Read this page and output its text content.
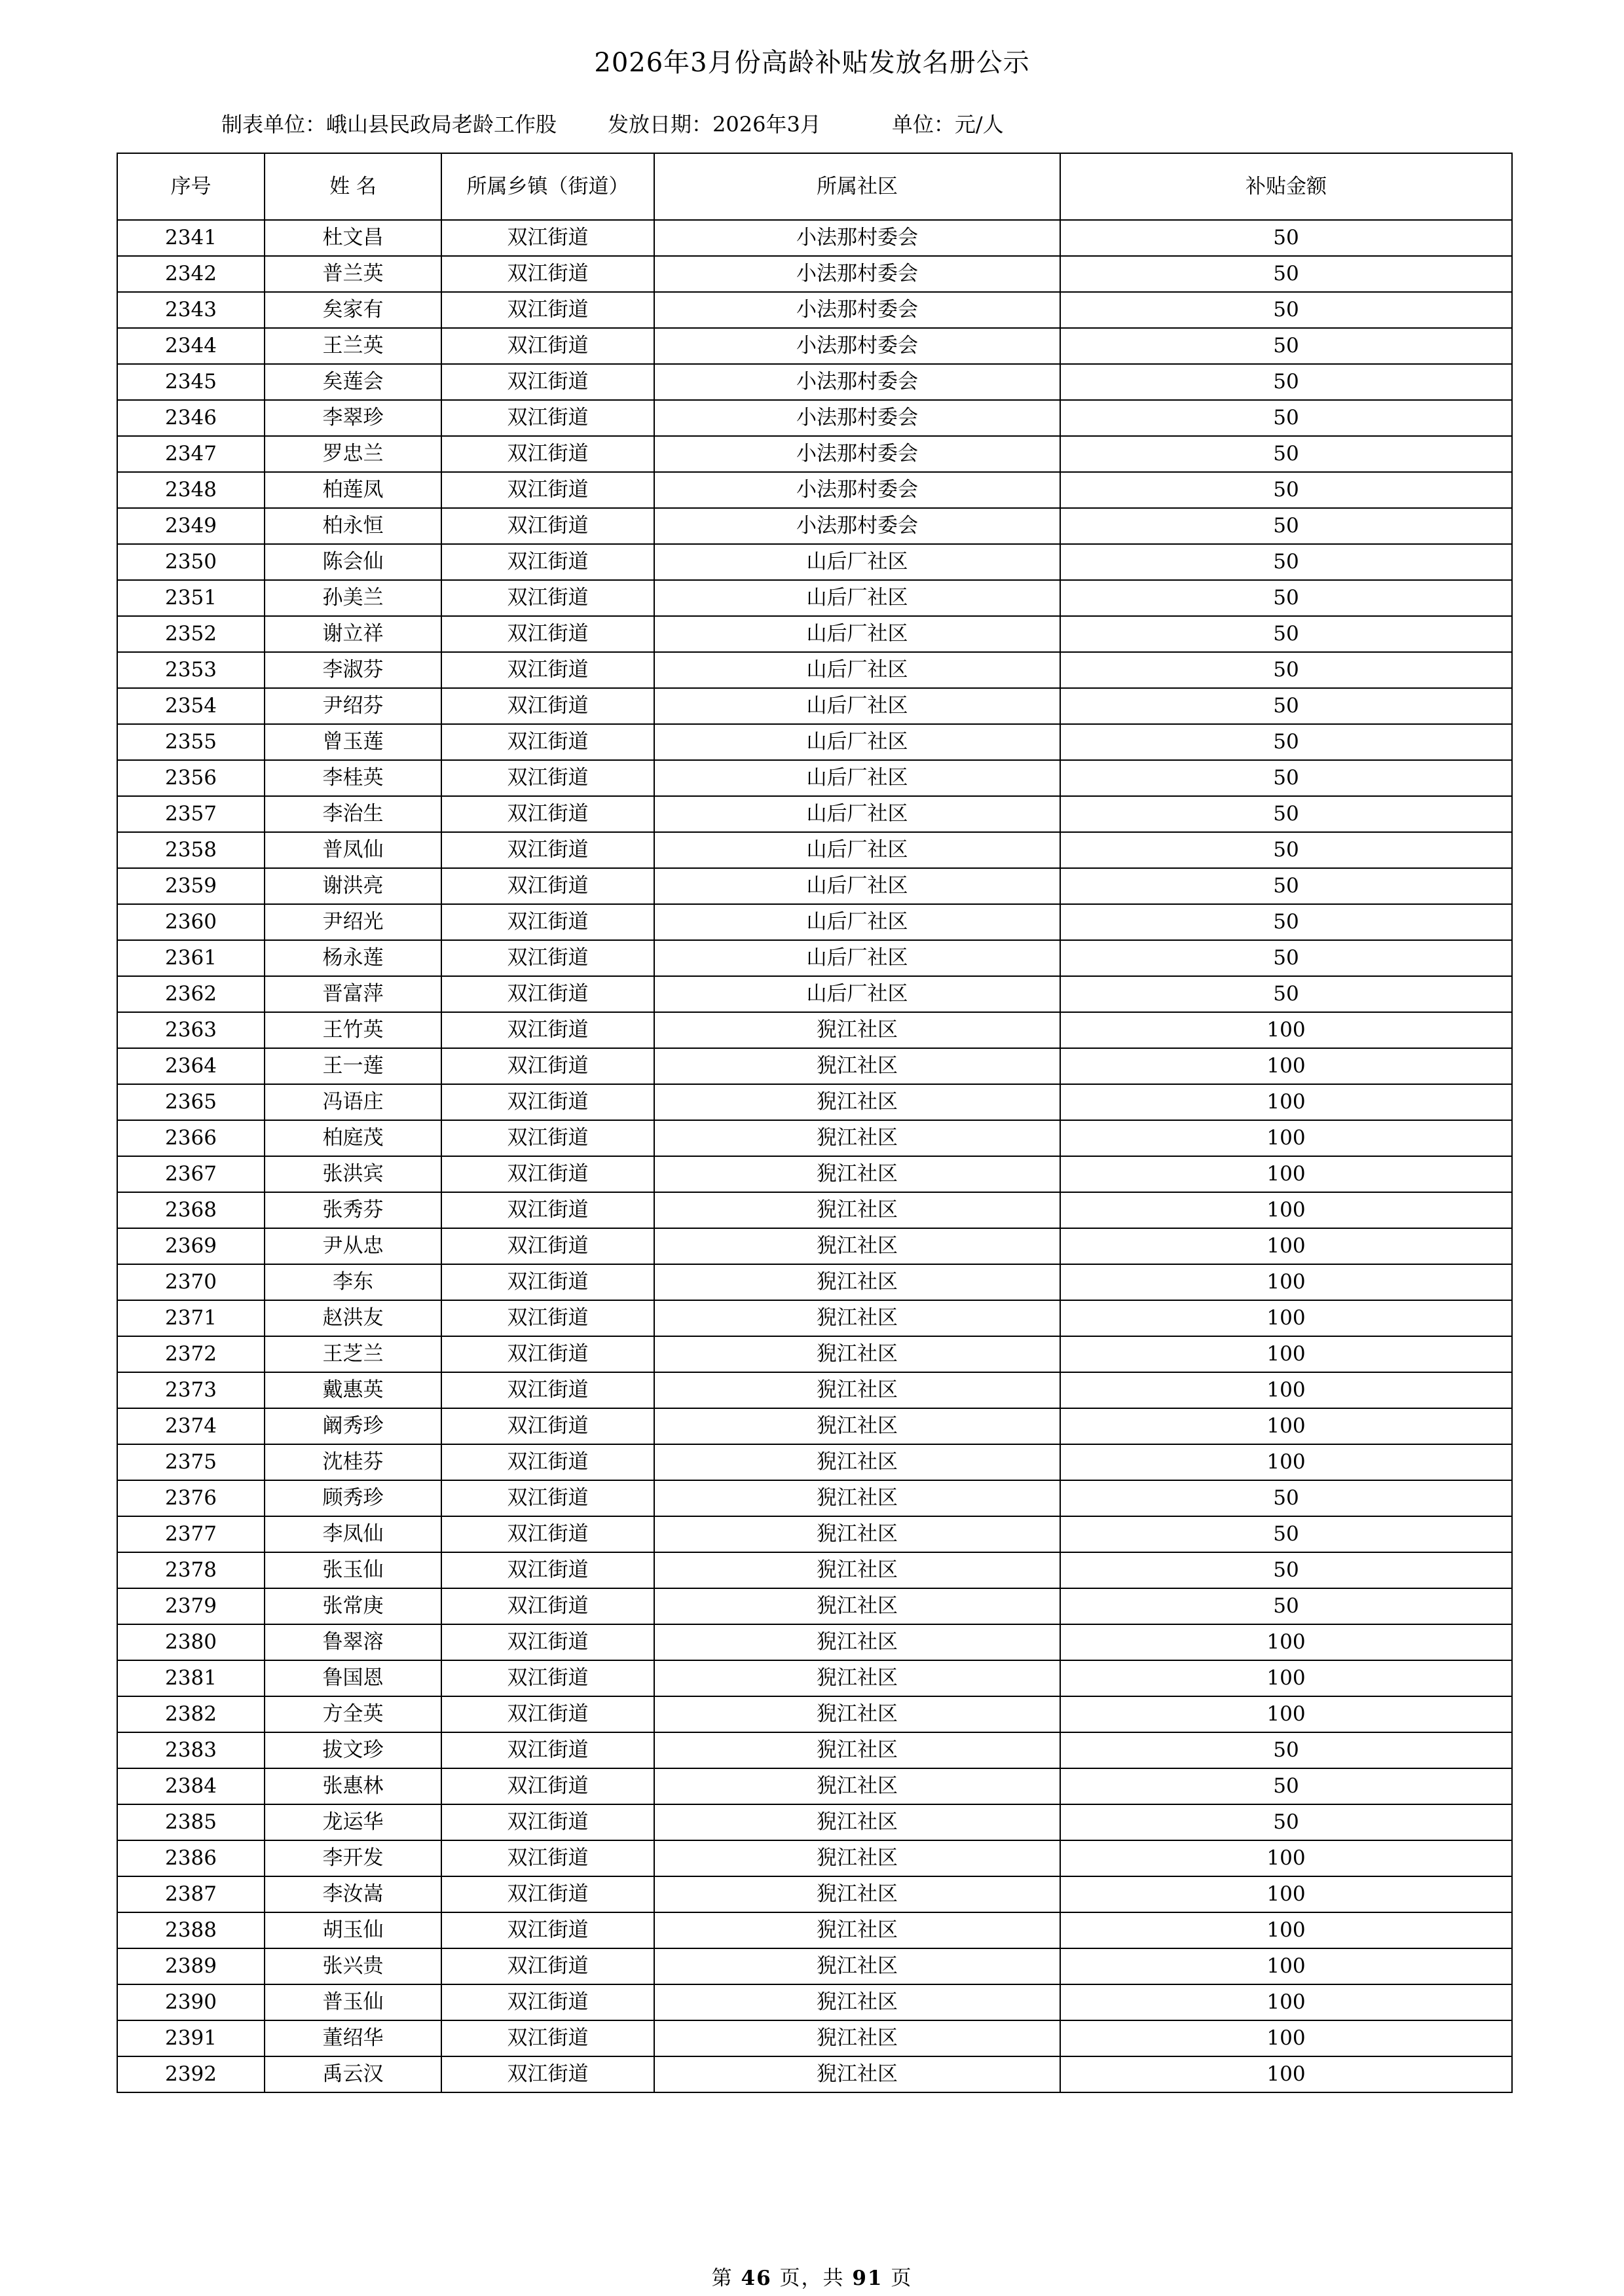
2026年3月份高龄补贴发放名册公示
制表单位：峨山县民政局老龄工作股 发放日期：2026年3月	单位：元/人
序号	姓 名	所属乡镇（街道）	所属社区	补贴金额
2341	杜文昌	双江街道	小法那村委会	50
2342	普兰英	双江街道	小法那村委会	50
2343	矣家有	双江街道	小法那村委会	50
2344	王兰英	双江街道	小法那村委会	50
2345	矣莲会	双江街道	小法那村委会	50
2346	李翠珍	双江街道	小法那村委会	50
2347	罗忠兰	双江街道	小法那村委会	50
2348	柏莲凤	双江街道	小法那村委会	50
2349	柏永恒	双江街道	小法那村委会	50
2350	陈会仙	双江街道	山后厂社区	50
2351	孙美兰	双江街道	山后厂社区	50
2352	谢立祥	双江街道	山后厂社区	50
2353	李淑芬	双江街道	山后厂社区	50
2354	尹绍芬	双江街道	山后厂社区	50
2355	曾玉莲	双江街道	山后厂社区	50
2356	李桂英	双江街道	山后厂社区	50
2357	李治生	双江街道	山后厂社区	50
2358	普凤仙	双江街道	山后厂社区	50
2359	谢洪亮	双江街道	山后厂社区	50
2360	尹绍光	双江街道	山后厂社区	50
2361	杨永莲	双江街道	山后厂社区	50
2362	晋富萍	双江街道	山后厂社区	50
2363	王竹英	双江街道	猊江社区	100
2364	王一莲	双江街道	猊江社区	100
2365	冯语庄	双江街道	猊江社区	100
2366	柏庭茂	双江街道	猊江社区	100
2367	张洪宾	双江街道	猊江社区	100
2368	张秀芬	双江街道	猊江社区	100
2369	尹从忠	双江街道	猊江社区	100
2370	李东	双江街道	猊江社区	100
2371	赵洪友	双江街道	猊江社区	100
2372	王芝兰	双江街道	猊江社区	100
2373	戴惠英	双江街道	猊江社区	100
2374	阚秀珍	双江街道	猊江社区	100
2375	沈桂芬	双江街道	猊江社区	100
2376	顾秀珍	双江街道	猊江社区	50
2377	李凤仙	双江街道	猊江社区	50
2378	张玉仙	双江街道	猊江社区	50
2379	张常庚	双江街道	猊江社区	50
2380	鲁翠溶	双江街道	猊江社区	100
2381	鲁国恩	双江街道	猊江社区	100
2382	方全英	双江街道	猊江社区	100
2383	拔文珍	双江街道	猊江社区	50
2384	张惠林	双江街道	猊江社区	50
2385	龙运华	双江街道	猊江社区	50
2386	李开发	双江街道	猊江社区	100
2387	李汝嵩	双江街道	猊江社区	100
2388	胡玉仙	双江街道	猊江社区	100
2389	张兴贵	双江街道	猊江社区	100
2390	普玉仙	双江街道	猊江社区	100
2391	董绍华	双江街道	猊江社区	100
2392	禹云汉	双江街道	猊江社区	100
第 46 页，共 91 页
